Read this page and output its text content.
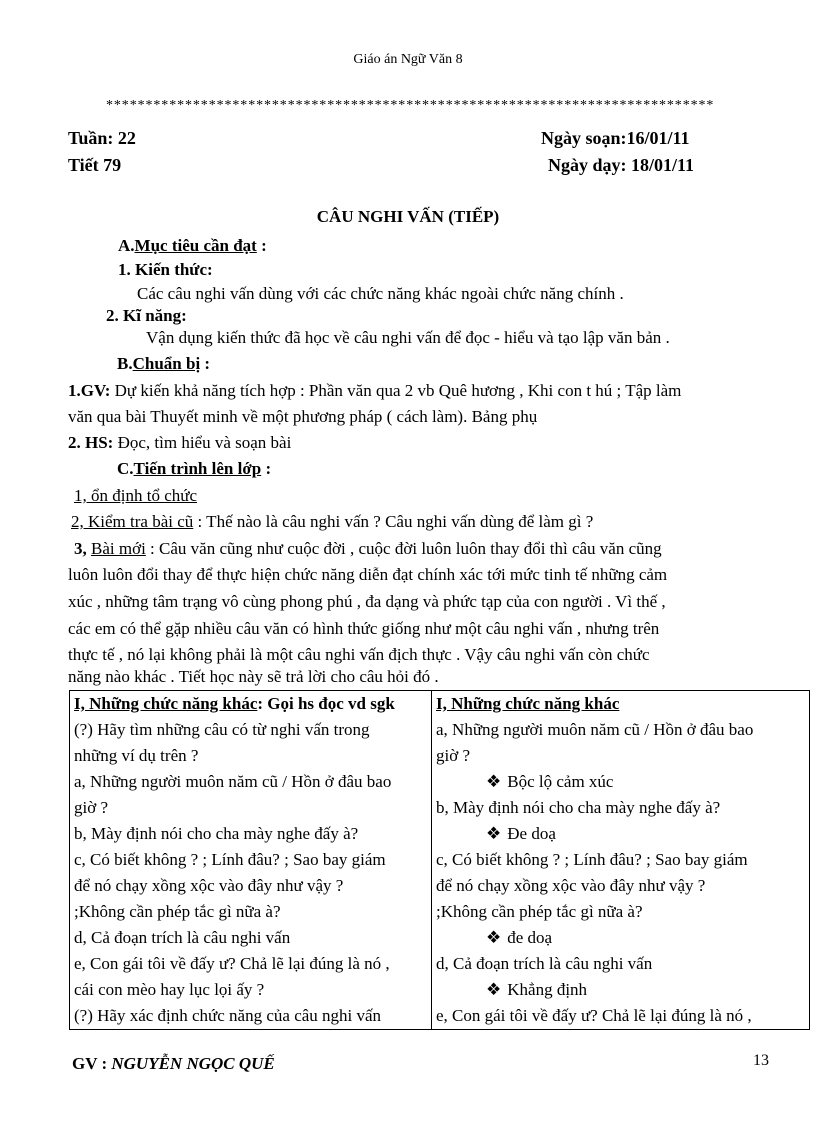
Giáo án Ngữ Văn 8
*****************************************************************************
Tuần: 22
Tiết 79
Ngày soạn:16/01/11
Ngày dạy: 18/01/11
CÂU NGHI VẤN (TIẾP)
A.Mục tiêu cần đạt :
1. Kiến thức:
Các câu nghi vấn dùng với các chức năng khác ngoài chức năng chính .
2. Kĩ năng:
Vận dụng kiến thức đã học về câu nghi vấn để đọc - hiểu và tạo lập văn bản .
B.Chuẩn bị :
1.GV: Dự kiến khả năng tích hợp : Phần văn qua 2 vb Quê hương , Khi con t hú ; Tập làm
văn qua bài Thuyết minh về một phương pháp ( cách làm). Bảng phụ
2. HS: Đọc, tìm hiểu và soạn bài
C.Tiến trình lên lớp :
1, ổn định tổ chức
2, Kiểm tra bài cũ : Thế nào là câu nghi vấn ? Câu nghi vấn dùng để làm gì ?
3, Bài mới : Câu văn cũng như cuộc đời , cuộc đời luôn luôn thay đổi thì câu văn cũng
luôn luôn đổi thay để thực hiện chức năng diễn đạt chính xác tới mức tinh tế những cảm
xúc , những tâm trạng vô cùng phong phú , đa dạng và phức tạp của con người . Vì thế ,
các em có thể gặp nhiều câu văn có hình thức giống như một câu nghi vấn , nhưng trên
thực tế , nó lại không phải là một câu nghi vấn địch thực . Vậy câu nghi vấn còn chức
năng nào khác . Tiết học này sẽ trả lời cho câu hỏi đó .
I, Những chức năng khác: Gọi hs đọc vd sgk
(?) Hãy tìm những câu có từ nghi vấn trong
những ví dụ trên ?
a, Những người muôn năm cũ / Hồn ở đâu bao
giờ ?
b, Mày định nói cho cha mày nghe đấy à?
c, Có biết không ? ; Lính đâu? ; Sao bay giám
để nó chạy xồng xộc vào đây như vậy ?
;Không cần phép tắc gì nữa à?
d, Cả đoạn trích là câu nghi vấn
e, Con gái tôi về đấy ư? Chả lẽ lại đúng là nó ,
cái con mèo hay lục lọi ấy ?
(?) Hãy xác định chức năng của câu nghi vấn

I, Những chức năng khác
a, Những người muôn năm cũ / Hồn ở đâu bao
giờ ?
❖ Bộc lộ cảm xúc
b, Mày định nói cho cha mày nghe đấy à?
❖ Đe doạ
c, Có biết không ? ; Lính đâu? ; Sao bay giám
để nó chạy xồng xộc vào đây như vậy ?
;Không cần phép tắc gì nữa à?
❖ đe doạ
d, Cả đoạn trích là câu nghi vấn
❖ Khẳng định
e, Con gái tôi về đấy ư? Chả lẽ lại đúng là nó ,
GV : NGUYỄN NGỌC QUẾ	13
